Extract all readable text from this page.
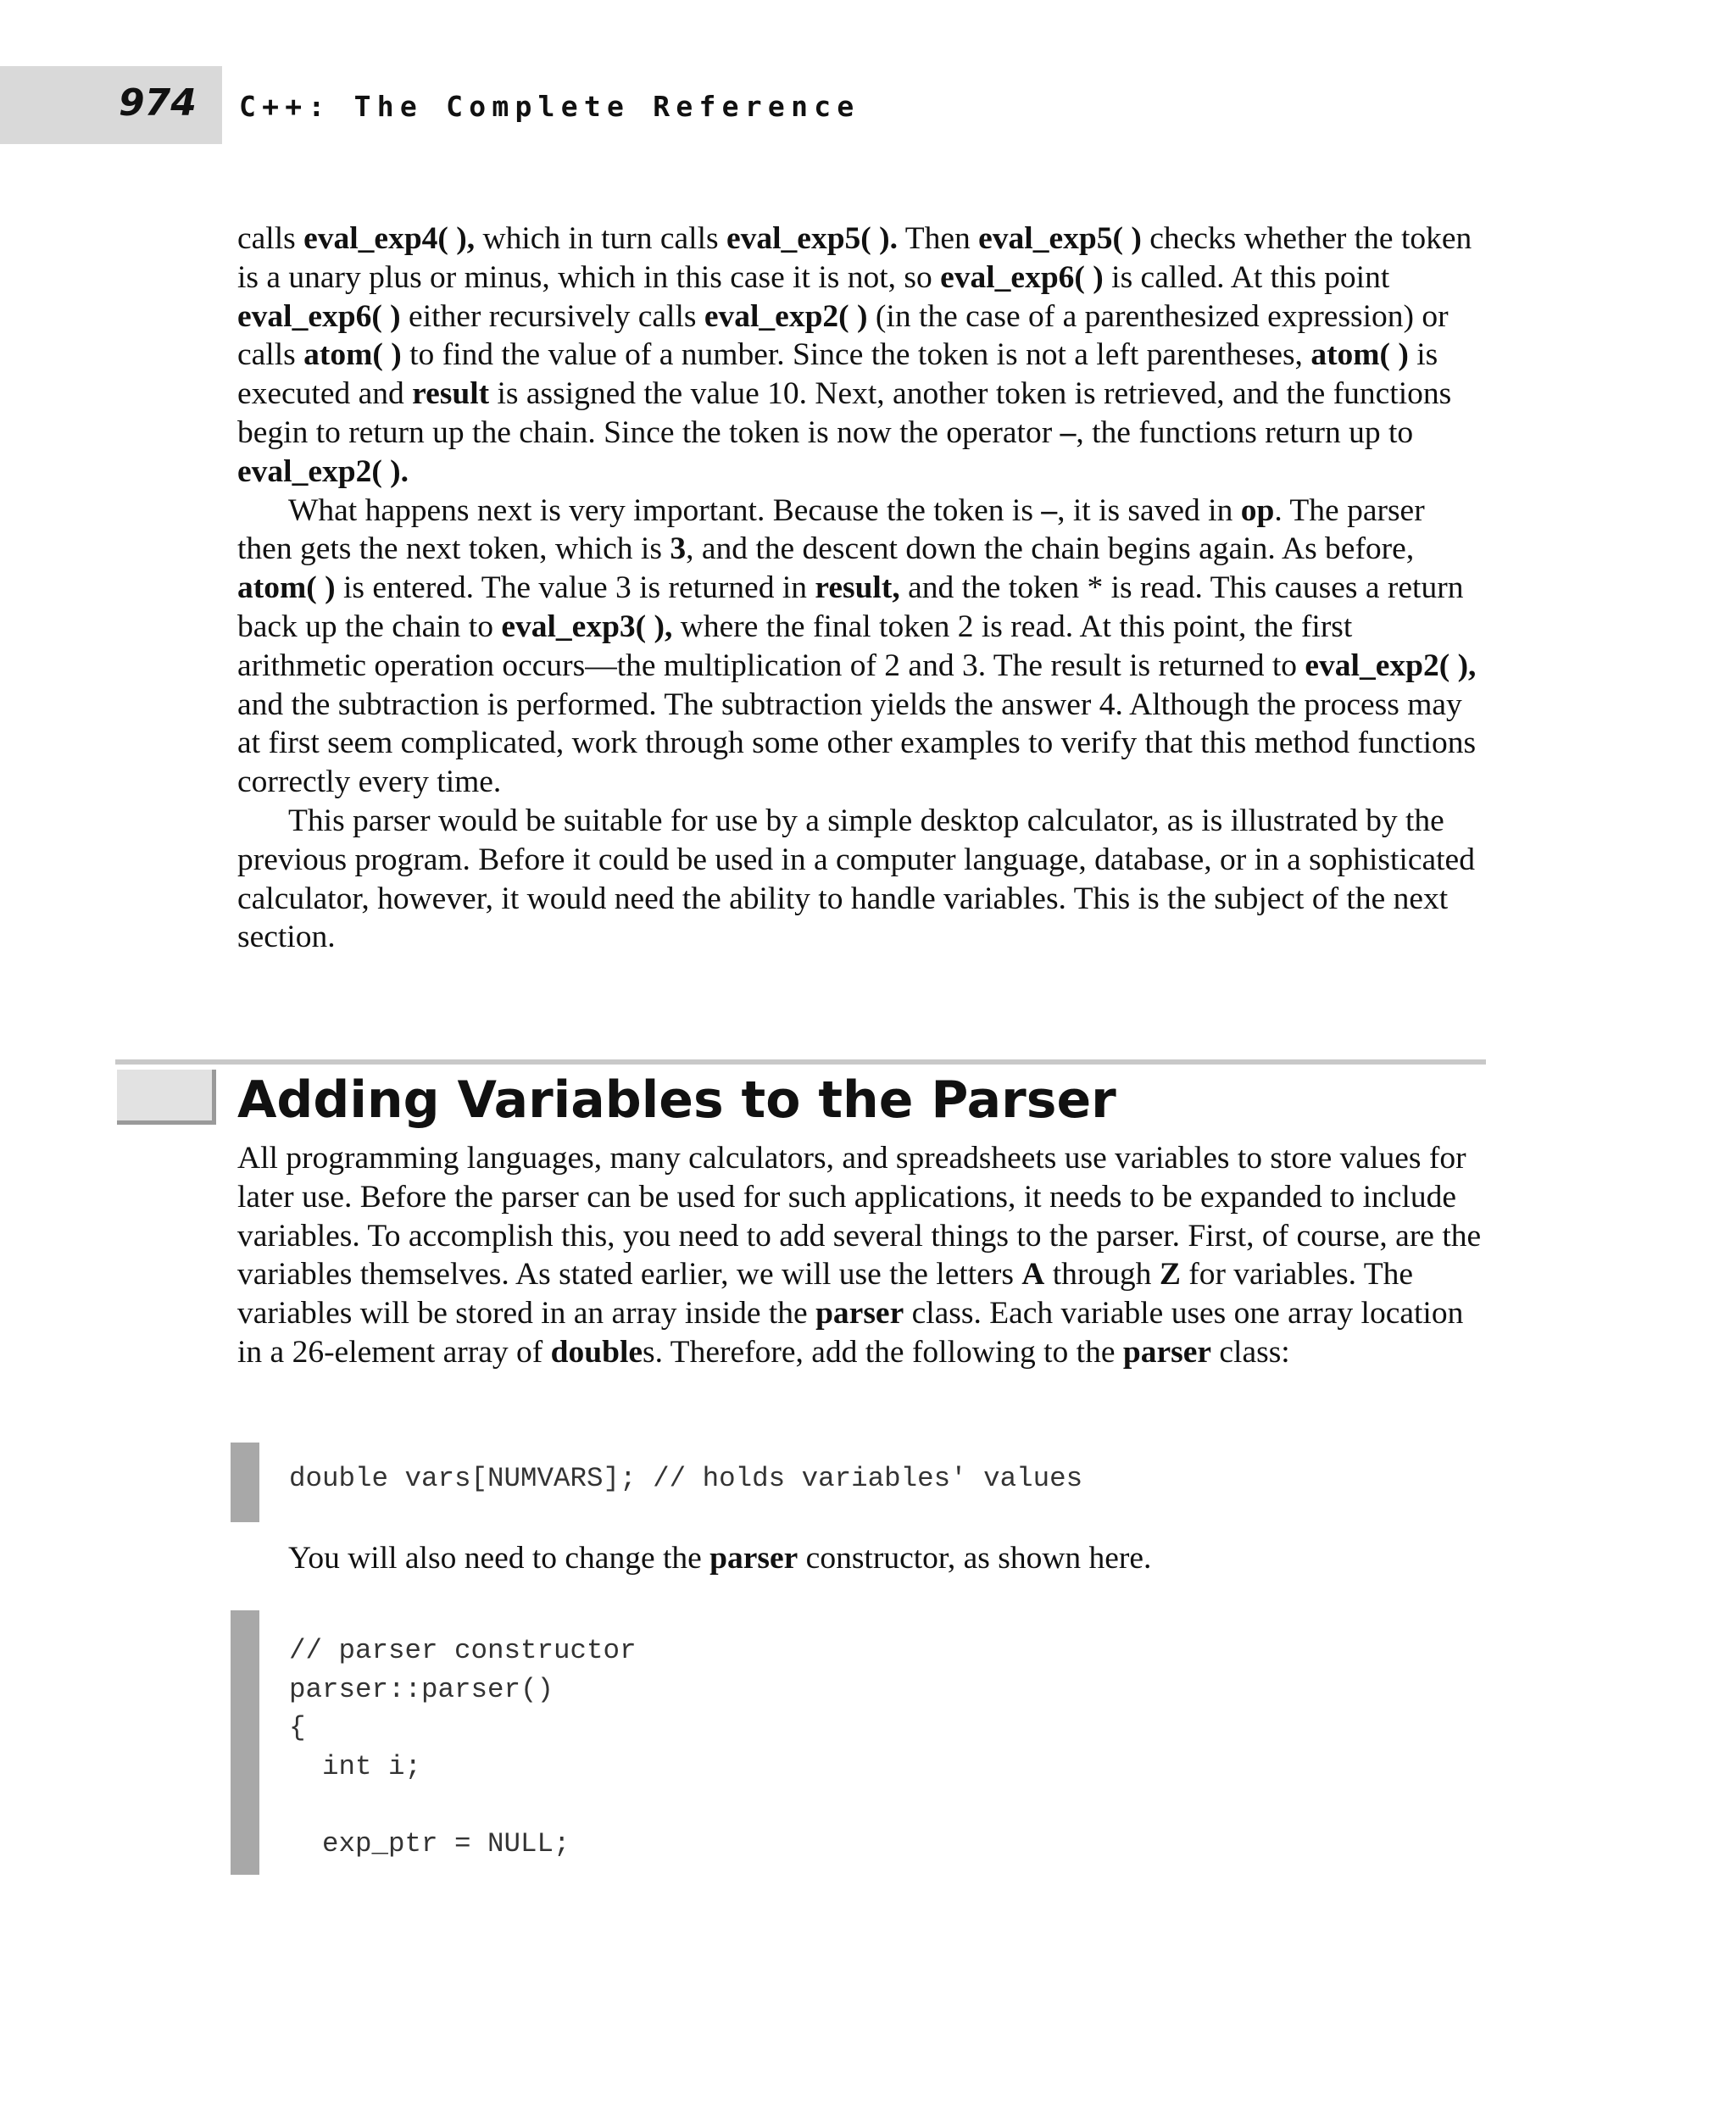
974 C++: The Complete Reference

calls eval_exp4( ), which in turn calls eval_exp5( ). Then eval_exp5( ) checks whether the token is a unary plus or minus, which in this case it is not, so eval_exp6( ) is called. At this point eval_exp6( ) either recursively calls eval_exp2( ) (in the case of a parenthesized expression) or calls atom( ) to find the value of a number. Since the token is not a left parentheses, atom( ) is executed and result is assigned the value 10. Next, another token is retrieved, and the functions begin to return up the chain. Since the token is now the operator –, the functions return up to eval_exp2( ).

What happens next is very important. Because the token is –, it is saved in op. The parser then gets the next token, which is 3, and the descent down the chain begins again. As before, atom( ) is entered. The value 3 is returned in result, and the token * is read. This causes a return back up the chain to eval_exp3( ), where the final token 2 is read. At this point, the first arithmetic operation occurs—the multiplication of 2 and 3. The result is returned to eval_exp2( ), and the subtraction is performed. The subtraction yields the answer 4. Although the process may at first seem complicated, work through some other examples to verify that this method functions correctly every time.

This parser would be suitable for use by a simple desktop calculator, as is illustrated by the previous program. Before it could be used in a computer language, database, or in a sophisticated calculator, however, it would need the ability to handle variables. This is the subject of the next section.

Adding Variables to the Parser

All programming languages, many calculators, and spreadsheets use variables to store values for later use. Before the parser can be used for such applications, it needs to be expanded to include variables. To accomplish this, you need to add several things to the parser. First, of course, are the variables themselves. As stated earlier, we will use the letters A through Z for variables. The variables will be stored in an array inside the parser class. Each variable uses one array location in a 26-element array of doubles. Therefore, add the following to the parser class:

double vars[NUMVARS]; // holds variables' values

You will also need to change the parser constructor, as shown here.

// parser constructor
parser::parser()
{
int i;

exp_ptr = NULL;
